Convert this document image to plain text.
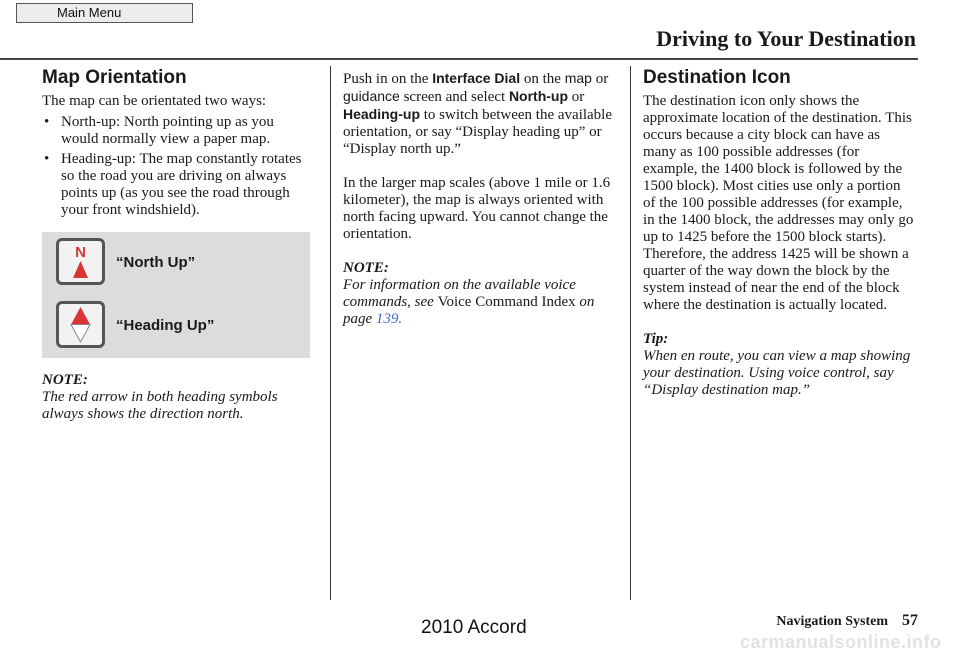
Main Menu
Driving to Your Destination
Map Orientation
The map can be orientated two ways:
• North-up: North pointing up as you would normally view a paper map.
• Heading-up: The map constantly rotates so the road you are driving on always points up (as you see the road through your front windshield).
N
“North Up”
“Heading Up”
NOTE:
The red arrow in both heading symbols always shows the direction north.
Push in on the Interface Dial on the map or guidance screen and select North-up or Heading-up to switch between the available orientation, or say “Display heading up” or “Display north up.”
In the larger map scales (above 1 mile or 1.6 kilometer), the map is always oriented with north facing upward. You cannot change the orientation.
NOTE:
For information on the available voice commands, see Voice Command Index on page 139.
Destination Icon
The destination icon only shows the approximate location of the destination. This occurs because a city block can have as many as 100 possible addresses (for example, the 1400 block is followed by the 1500 block). Most cities use only a portion of the 100 possible addresses (for example, in the 1400 block, the addresses may only go up to 1425 before the 1500 block starts). Therefore, the address 1425 will be shown a quarter of the way down the block by the system instead of near the end of the block where the destination is actually located.
Tip:
When en route, you can view a map showing your destination. Using voice control, say “Display destination map.”
Navigation System 57
2010 Accord
carmanualsonline.info
